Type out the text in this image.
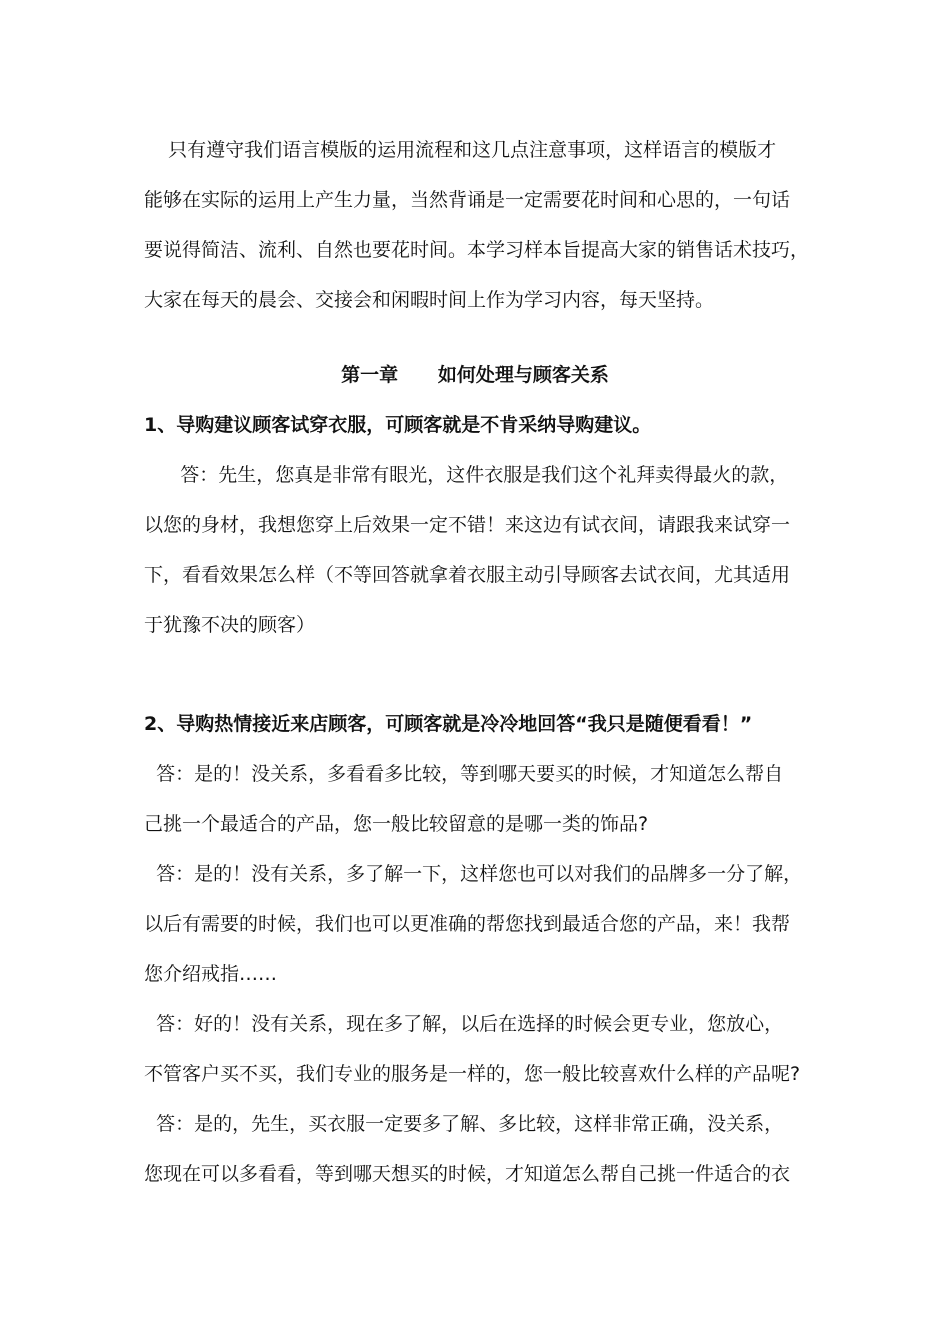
只有遵守我们语言模版的运用流程和这几点注意事项，这样语言的模版才
能够在实际的运用上产生力量，当然背诵是一定需要花时间和心思的，一句话
要说得简洁、流利、自然也要花时间。本学习样本旨提高大家的销售话术技巧，
大家在每天的晨会、交接会和闲暇时间上作为学习内容，每天坚持。
第一章      如何处理与顾客关系
1、导购建议顾客试穿衣服，可顾客就是不肯采纳导购建议。
答：先生，您真是非常有眼光，这件衣服是我们这个礼拜卖得最火的款，
以您的身材，我想您穿上后效果一定不错！来这边有试衣间，请跟我来试穿一
下，看看效果怎么样（不等回答就拿着衣服主动引导顾客去试衣间，尤其适用
于犹豫不决的顾客）
2、导购热情接近来店顾客，可顾客就是冷冷地回答“我只是随便看看！”
答：是的！没关系，多看看多比较，等到哪天要买的时候，才知道怎么帮自
己挑一个最适合的产品，您一般比较留意的是哪一类的饰品?
答：是的！没有关系，多了解一下，这样您也可以对我们的品牌多一分了解，
以后有需要的时候，我们也可以更准确的帮您找到最适合您的产品，来！我帮
您介绍戒指……
答：好的！没有关系，现在多了解，以后在选择的时候会更专业，您放心，
不管客户买不买，我们专业的服务是一样的，您一般比较喜欢什么样的产品呢?
答：是的，先生，买衣服一定要多了解、多比较，这样非常正确，没关系，
您现在可以多看看，等到哪天想买的时候，才知道怎么帮自己挑一件适合的衣
